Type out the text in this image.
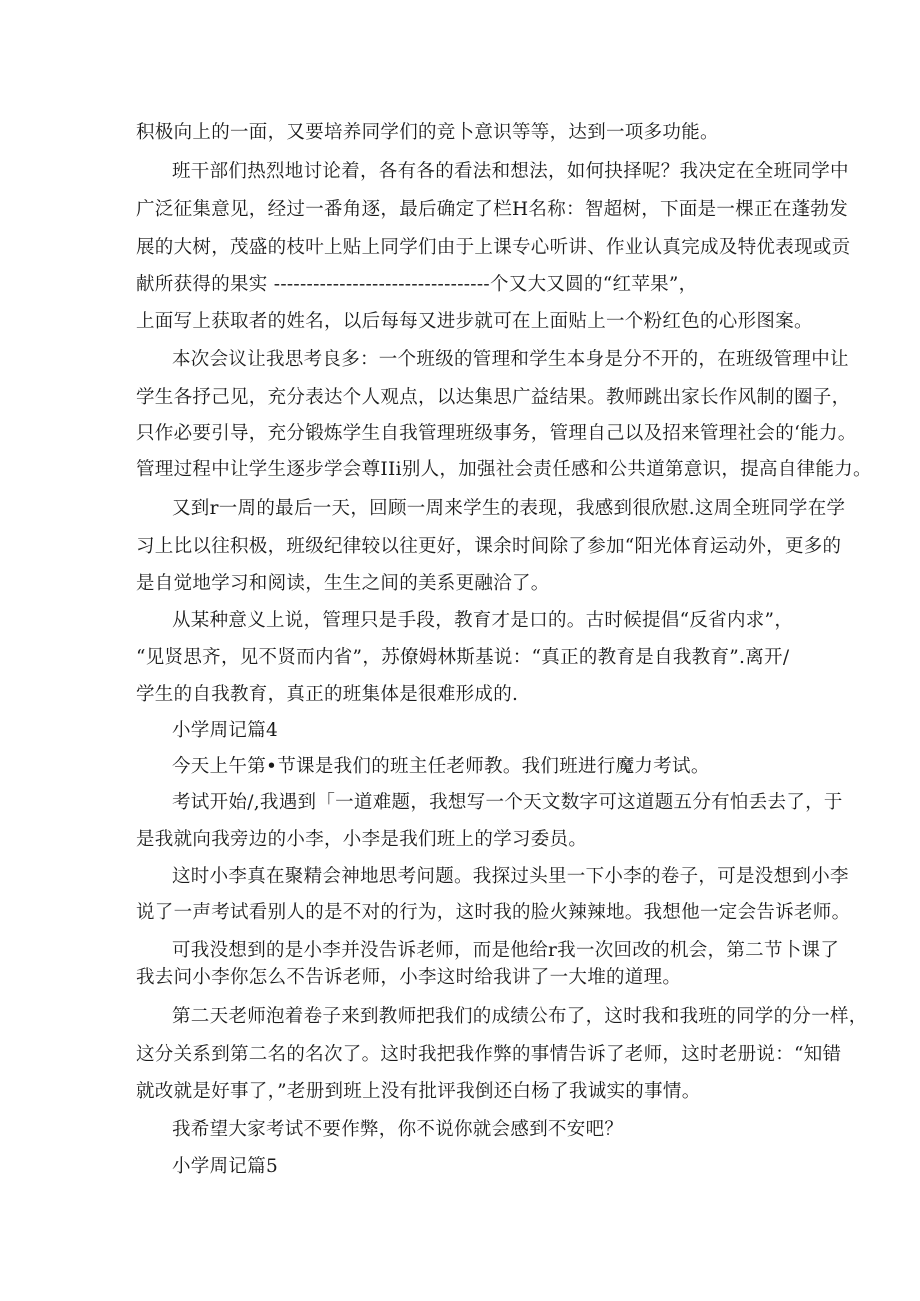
积极向上的一面，又要培养同学们的竞卜意识等等，达到一项多功能。
班干部们热烈地讨论着，各有各的看法和想法，如何抉择呢？我决定在全班同学中
广泛征集意见，经过一番角逐，最后确定了栏H名称：智超树，下面是一棵正在蓬勃发
展的大树，茂盛的枝叶上贴上同学们由于上课专心听讲、作业认真完成及特优表现或贡
献所获得的果实 ---------------------------------个又大又圆的“红苹果”，
上面写上获取者的姓名，以后每每又进步就可在上面贴上一个粉红色的心形图案。
本次会议让我思考良多：一个班级的管理和学生本身是分不开的，在班级管理中让
学生各抒己见，充分表达个人观点，以达集思广益结果。教师跳出家长作风制的圈子，
只作必要引导，充分锻炼学生自我管理班级事务，管理自己以及招来管理社会的‘能力。
管理过程中让学生逐步学会尊IIi别人，加强社会责任感和公共道第意识，提高自律能力。
又到r一周的最后一天，回顾一周来学生的表现，我感到很欣慰.这周全班同学在学
习上比以往积极，班级纪律较以往更好，课余时间除了参加“阳光体育运动外，更多的
是自觉地学习和阅读，生生之间的美系更融洽了。
从某种意义上说，管理只是手段，教育才是口的。古时候提倡“反省内求”，
“见贤思齐，见不贤而内省”，苏僚姆林斯基说：“真正的教育是自我教育”.离开/
学生的自我教育，真正的班集体是很难形成的.
小学周记篇4
今天上午第•节课是我们的班主任老师教。我们班进行魔力考试。
考试开始/,我遇到「一道难题，我想写一个天文数字可这道题五分有怕丢去了，于
是我就向我旁边的小李，小李是我们班上的学习委员。
这时小李真在聚精会神地思考问题。我探过头里一下小李的卷子，可是没想到小李
说了一声考试看别人的是不对的行为，这时我的脸火辣辣地。我想他一定会告诉老师。
可我没想到的是小李并没告诉老师，而是他给r我一次回改的机会，第二节卜课了
我去问小李你怎么不告诉老师，小李这时给我讲了一大堆的道理。
第二天老师泡着卷子来到教师把我们的成绩公布了，这时我和我班的同学的分一样，
这分关系到第二名的名次了。这时我把我作弊的事情告诉了老师，这时老册说：“知错
就改就是好事了，”老册到班上没有批评我倒还白杨了我诚实的事情。
我希望大家考试不要作弊，你不说你就会感到不安吧？
小学周记篇5
